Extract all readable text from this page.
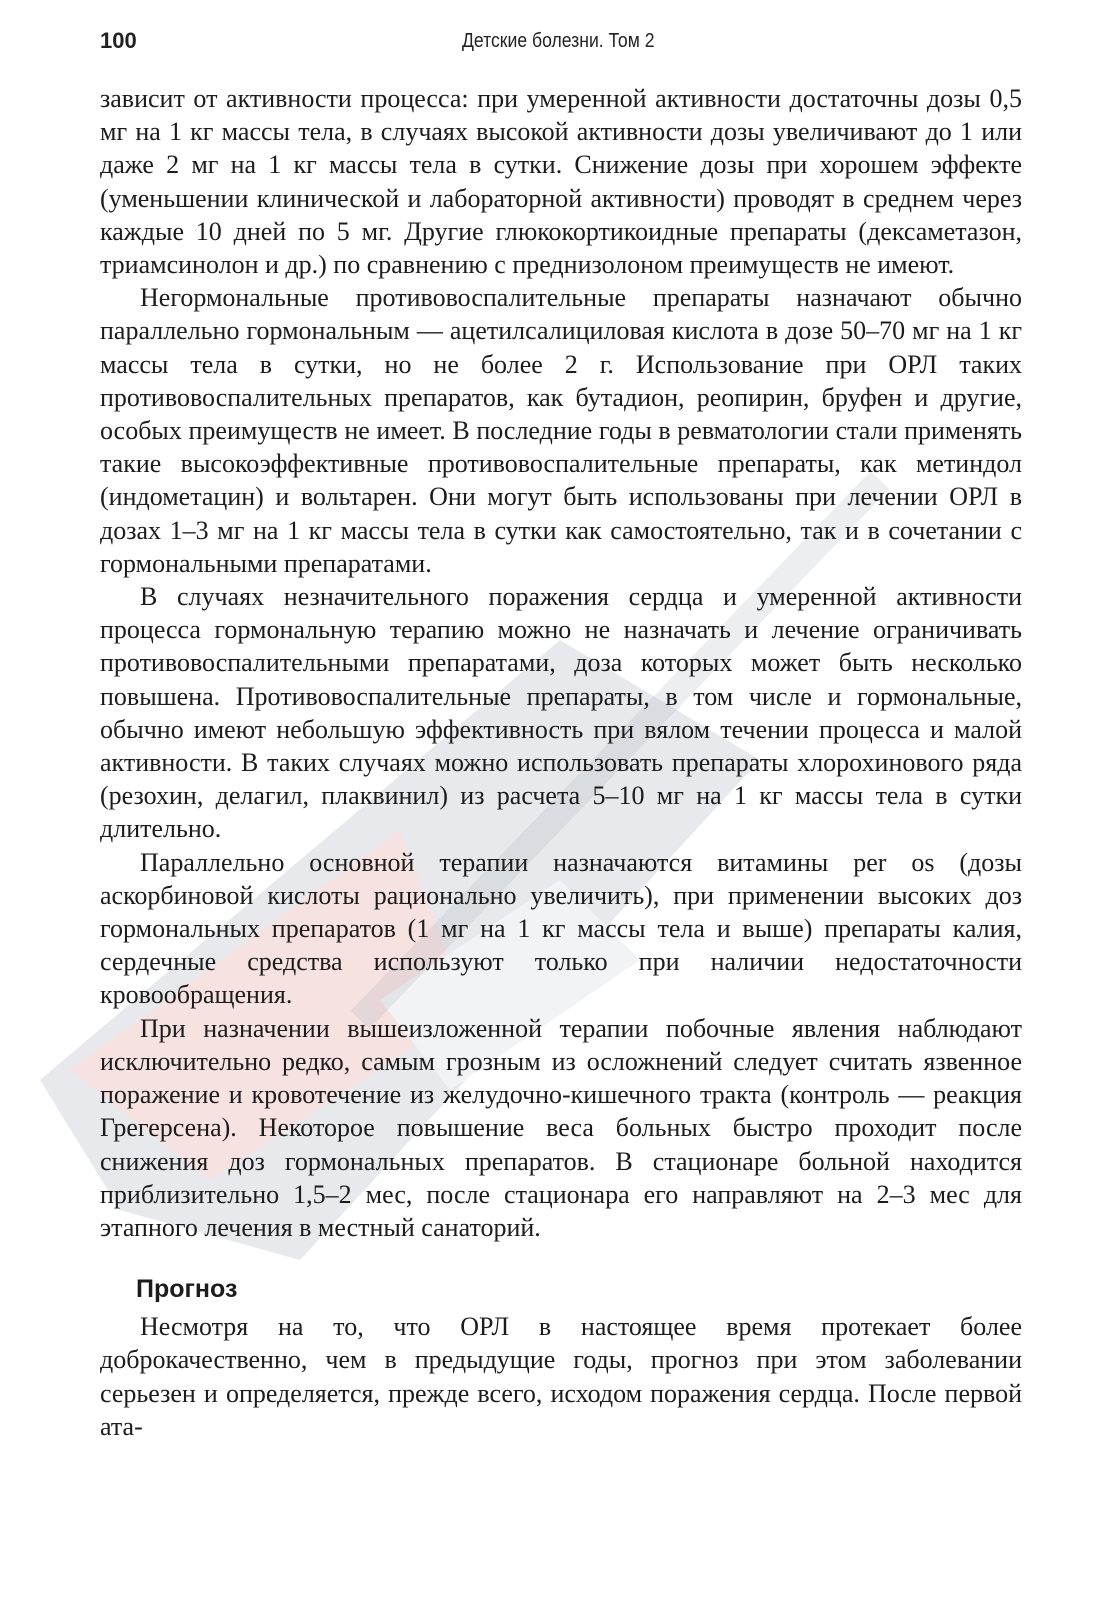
100	Детские болезни. Том 2

зависит от активности процесса: при умеренной активности достаточны дозы 0,5 мг на 1 кг массы тела, в случаях высокой активности дозы увеличивают до 1 или даже 2 мг на 1 кг массы тела в сутки. Снижение дозы при хорошем эффекте (уменьшении клинической и лабораторной активности) проводят в среднем через каждые 10 дней по 5 мг. Другие глюкокортикоидные препараты (дексаметазон, триамсинолон и др.) по сравнению с преднизолоном преимуществ не имеют.

Негормональные противовоспалительные препараты назначают обычно параллельно гормональным — ацетилсалициловая кислота в дозе 50–70 мг на 1 кг массы тела в сутки, но не более 2 г. Использование при ОРЛ таких противовоспалительных препаратов, как бутадион, реопирин, бруфен и другие, особых преимуществ не имеет. В последние годы в ревматологии стали применять такие высокоэффективные противовоспалительные препараты, как метиндол (индометацин) и вольтарен. Они могут быть использованы при лечении ОРЛ в дозах 1–3 мг на 1 кг массы тела в сутки как самостоятельно, так и в сочетании с гормональными препаратами.

В случаях незначительного поражения сердца и умеренной активности процесса гормональную терапию можно не назначать и лечение ограничивать противовоспалительными препаратами, доза которых может быть несколько повышена. Противовоспалительные препараты, в том числе и гормональные, обычно имеют небольшую эффективность при вялом течении процесса и малой активности. В таких случаях можно использовать препараты хлорохинового ряда (резохин, делагил, плаквинил) из расчета 5–10 мг на 1 кг массы тела в сутки длительно.

Параллельно основной терапии назначаются витамины per os (дозы аскорбиновой кислоты рационально увеличить), при применении высоких доз гормональных препаратов (1 мг на 1 кг массы тела и выше) препараты калия, сердечные средства используют только при наличии недостаточности кровообращения.

При назначении вышеизложенной терапии побочные явления наблюдают исключительно редко, самым грозным из осложнений следует считать язвенное поражение и кровотечение из желудочно-кишечного тракта (контроль — реакция Грегерсена). Некоторое повышение веса больных быстро проходит после снижения доз гормональных препаратов. В стационаре больной находится приблизительно 1,5–2 мес, после стационара его направляют на 2–3 мес для этапного лечения в местный санаторий.

Прогноз

Несмотря на то, что ОРЛ в настоящее время протекает более доброкачественно, чем в предыдущие годы, прогноз при этом заболевании серьезен и определяется, прежде всего, исходом поражения сердца. После первой ата-
